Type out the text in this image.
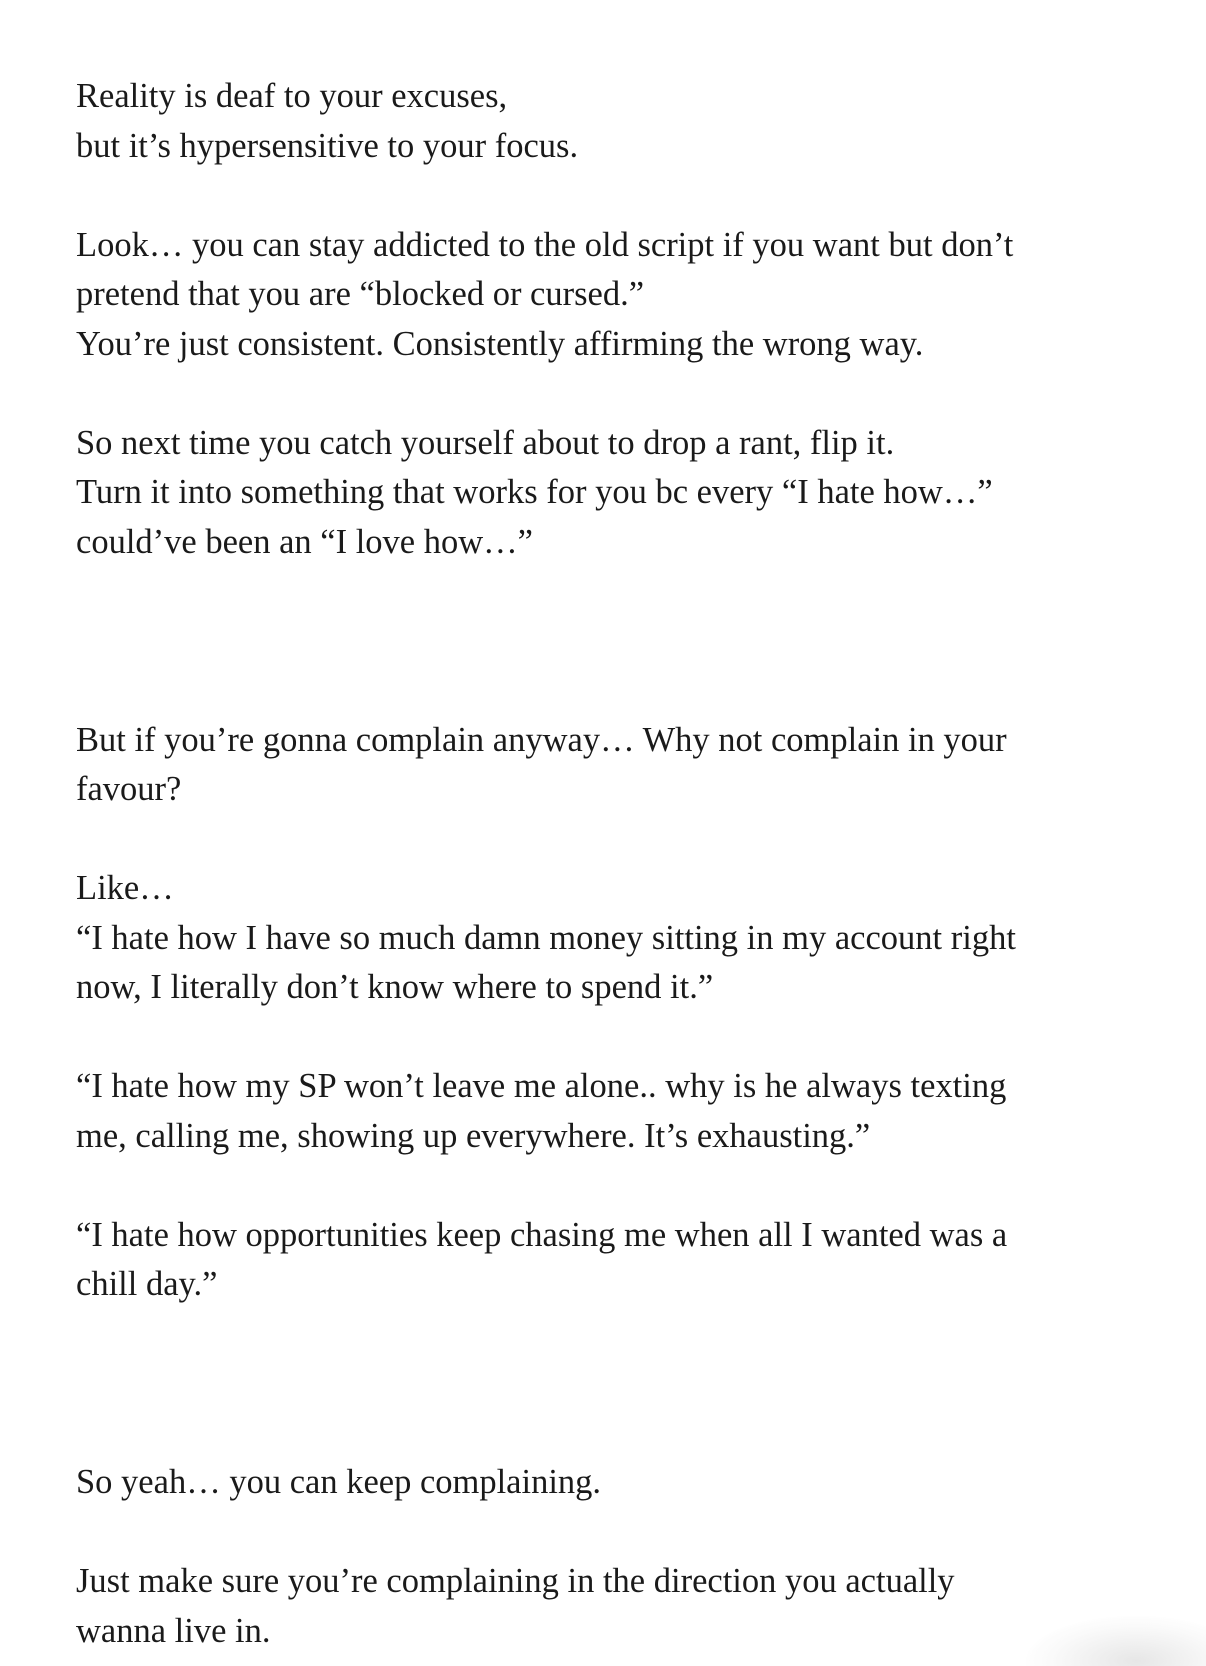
Reality is deaf to your excuses,
but it’s hypersensitive to your focus.

Look… you can stay addicted to the old script if you want but don’t
pretend that you are “blocked or cursed.”
You’re just consistent. Consistently affirming the wrong way.

So next time you catch yourself about to drop a rant, flip it.
Turn it into something that works for you bc every “I hate how…”
could’ve been an “I love how…”

But if you’re gonna complain anyway… Why not complain in your
favour?

Like…
“I hate how I have so much damn money sitting in my account right
now, I literally don’t know where to spend it.”

“I hate how my SP won’t leave me alone.. why is he always texting
me, calling me, showing up everywhere. It’s exhausting.”

“I hate how opportunities keep chasing me when all I wanted was a
chill day.”

So yeah… you can keep complaining.

Just make sure you’re complaining in the direction you actually
wanna live in.
